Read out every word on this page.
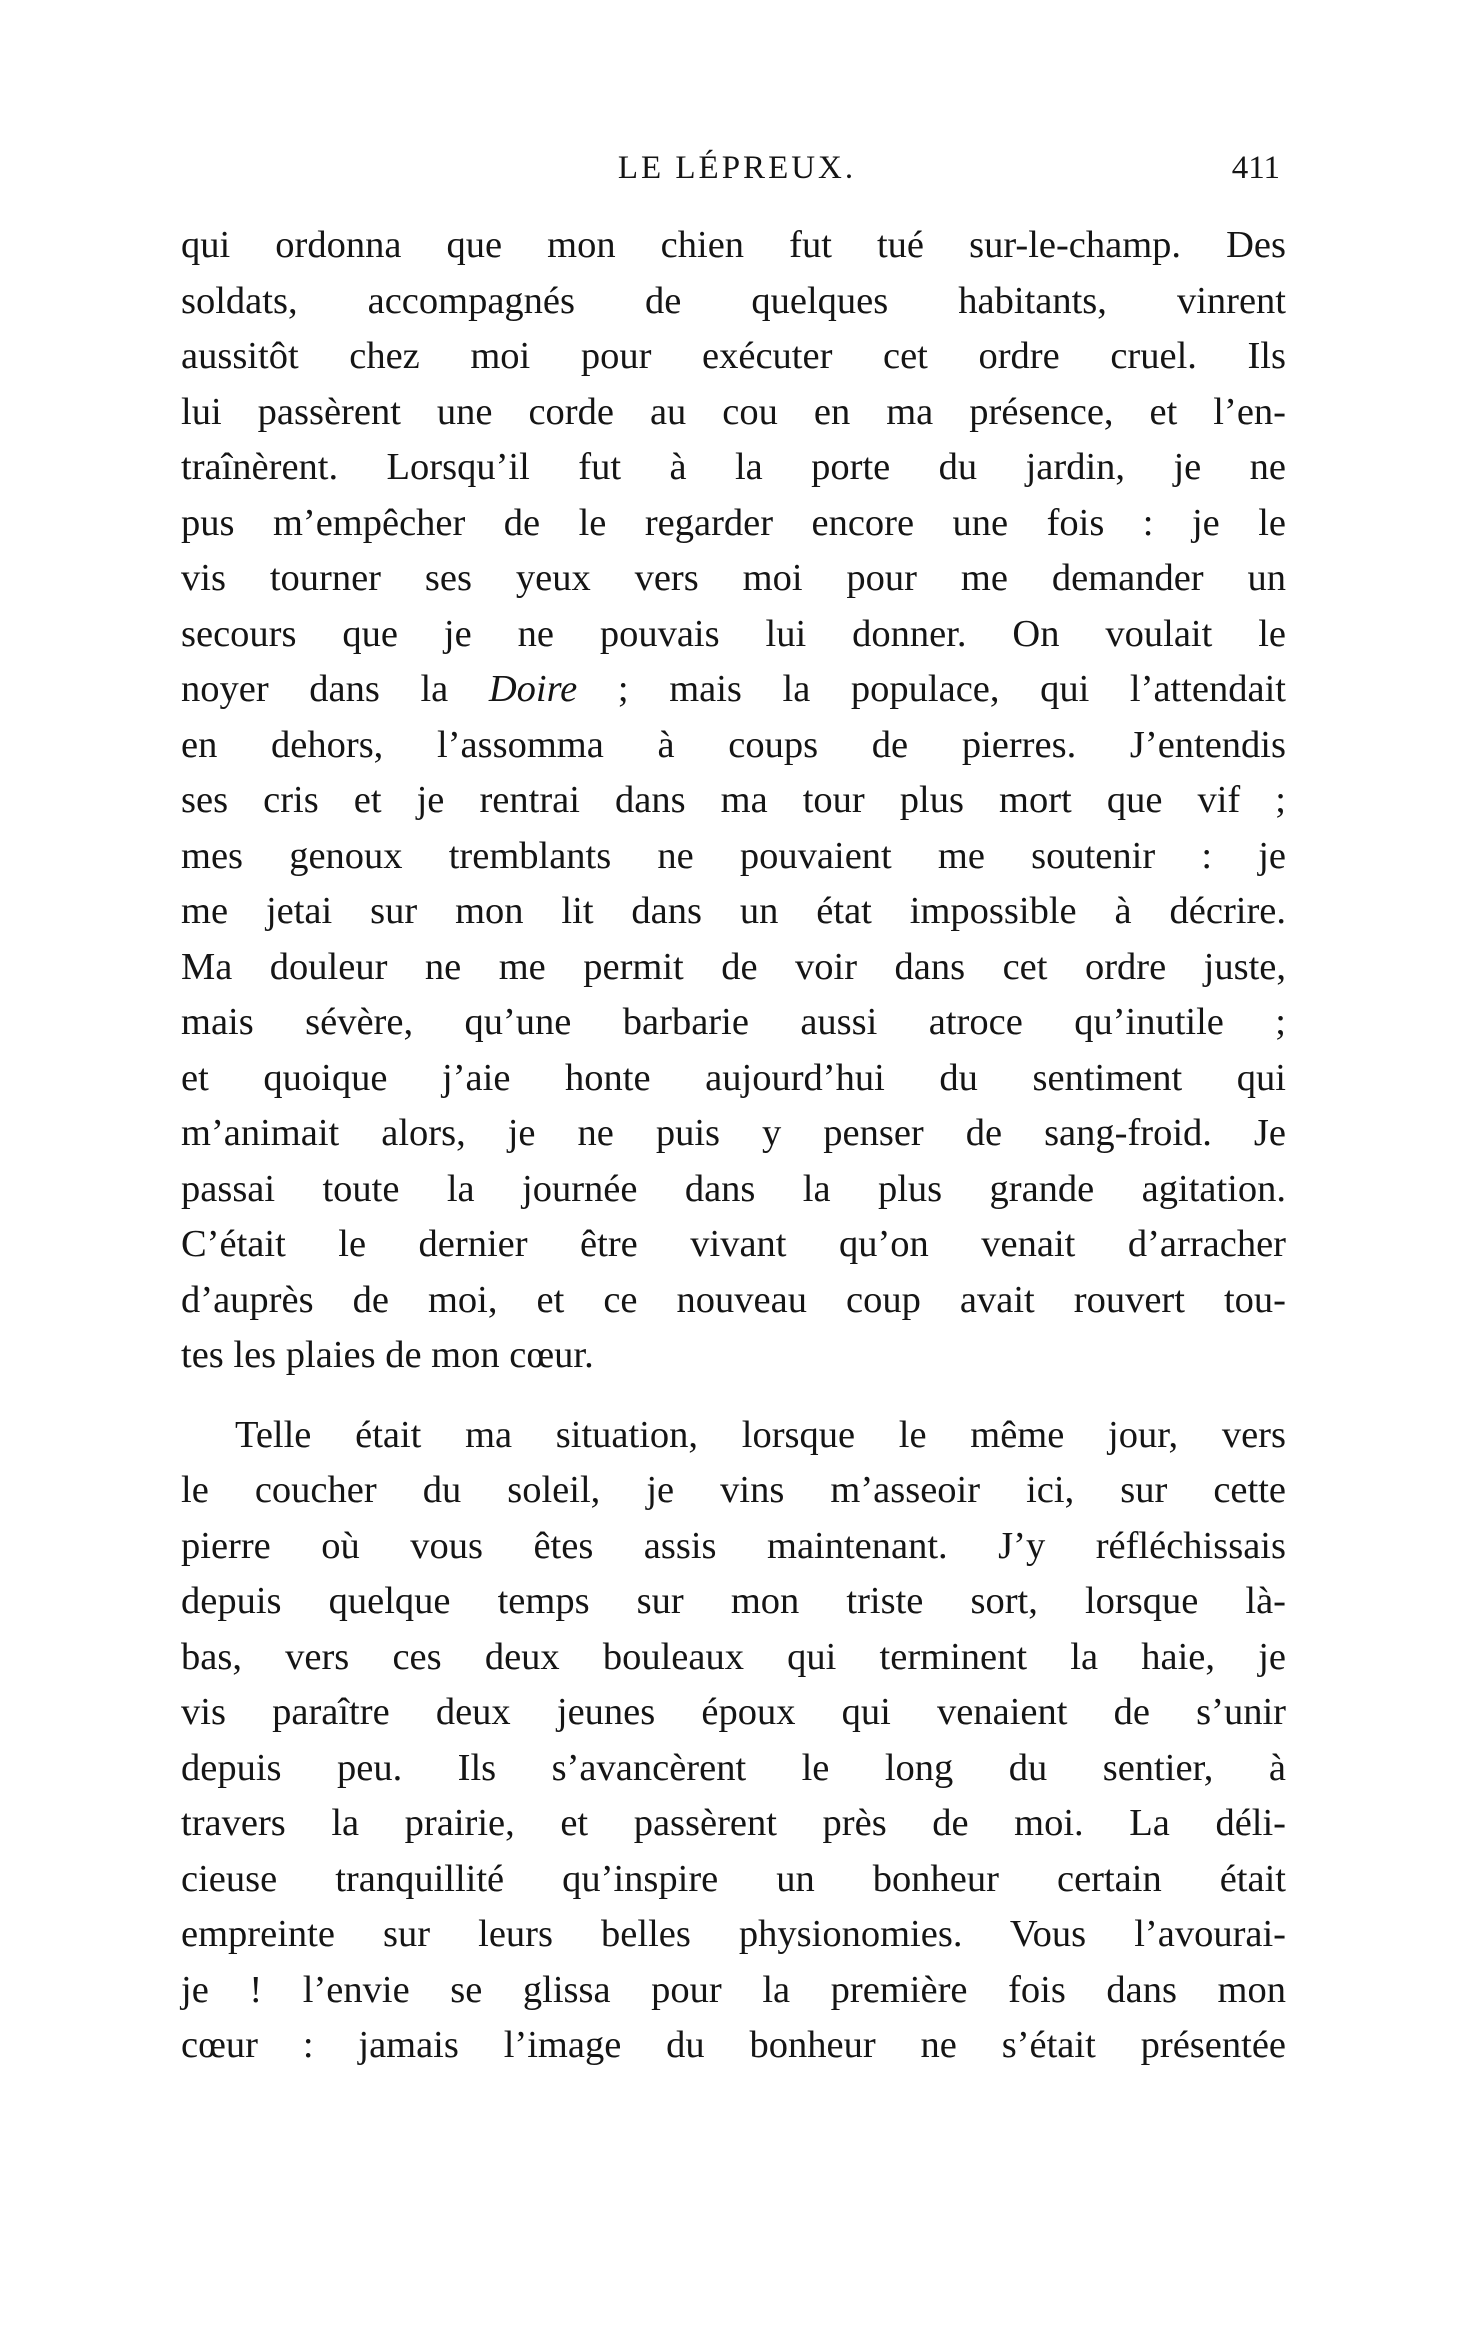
LE LÉPREUX.	411
qui ordonna que mon chien fut tué sur-le-champ. Des
soldats, accompagnés de quelques habitants, vinrent
aussitôt chez moi pour exécuter cet ordre cruel. Ils
lui passèrent une corde au cou en ma présence, et l’en-
traînèrent. Lorsqu’il fut à la porte du jardin, je ne
pus m’empêcher de le regarder encore une fois : je le
vis tourner ses yeux vers moi pour me demander un
secours que je ne pouvais lui donner. On voulait le
noyer dans la Doire ; mais la populace, qui l’attendait
en dehors, l’assomma à coups de pierres. J’entendis
ses cris et je rentrai dans ma tour plus mort que vif ;
mes genoux tremblants ne pouvaient me soutenir : je
me jetai sur mon lit dans un état impossible à décrire.
Ma douleur ne me permit de voir dans cet ordre juste,
mais sévère, qu’une barbarie aussi atroce qu’inutile ;
et quoique j’aie honte aujourd’hui du sentiment qui
m’animait alors, je ne puis y penser de sang-froid. Je
passai toute la journée dans la plus grande agitation.
C’était le dernier être vivant qu’on venait d’arracher
d’auprès de moi, et ce nouveau coup avait rouvert tou-
tes les plaies de mon cœur.
Telle était ma situation, lorsque le même jour, vers
le coucher du soleil, je vins m’asseoir ici, sur cette
pierre où vous êtes assis maintenant. J’y réfléchissais
depuis quelque temps sur mon triste sort, lorsque là-
bas, vers ces deux bouleaux qui terminent la haie, je
vis paraître deux jeunes époux qui venaient de s’unir
depuis peu. Ils s’avancèrent le long du sentier, à
travers la prairie, et passèrent près de moi. La déli-
cieuse tranquillité qu’inspire un bonheur certain était
empreinte sur leurs belles physionomies. Vous l’avourai-
je ! l’envie se glissa pour la première fois dans mon
cœur : jamais l’image du bonheur ne s’était présentée
